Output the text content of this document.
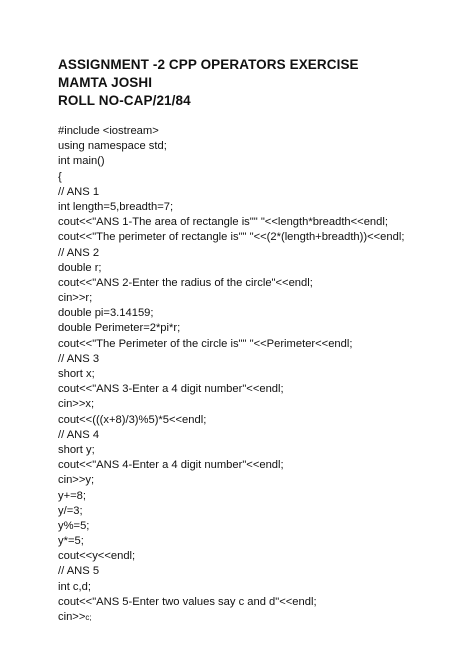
ASSIGNMENT -2 CPP OPERATORS EXERCISE
MAMTA JOSHI
ROLL NO-CAP/21/84
#include <iostream>
using namespace std;
int main()
{
// ANS 1
int length=5,breadth=7;
cout<<"ANS 1-The area of rectangle is"" "<<length*breadth<<endl;
cout<<"The perimeter of rectangle is"" "<<(2*(length+breadth))<<endl;
// ANS 2
double r;
cout<<"ANS 2-Enter the radius of the circle"<<endl;
cin>>r;
double pi=3.14159;
double Perimeter=2*pi*r;
cout<<"The Perimeter of the circle is"" "<<Perimeter<<endl;
// ANS 3
short x;
cout<<"ANS 3-Enter a 4 digit number"<<endl;
cin>>x;
cout<<(((x+8)/3)%5)*5<<endl;
// ANS 4
short y;
cout<<"ANS 4-Enter a 4 digit number"<<endl;
cin>>y;
y+=8;
y/=3;
y%=5;
y*=5;
cout<<y<<endl;
// ANS 5
int c,d;
cout<<"ANS 5-Enter two values say c and d"<<endl;
cin>>c;
